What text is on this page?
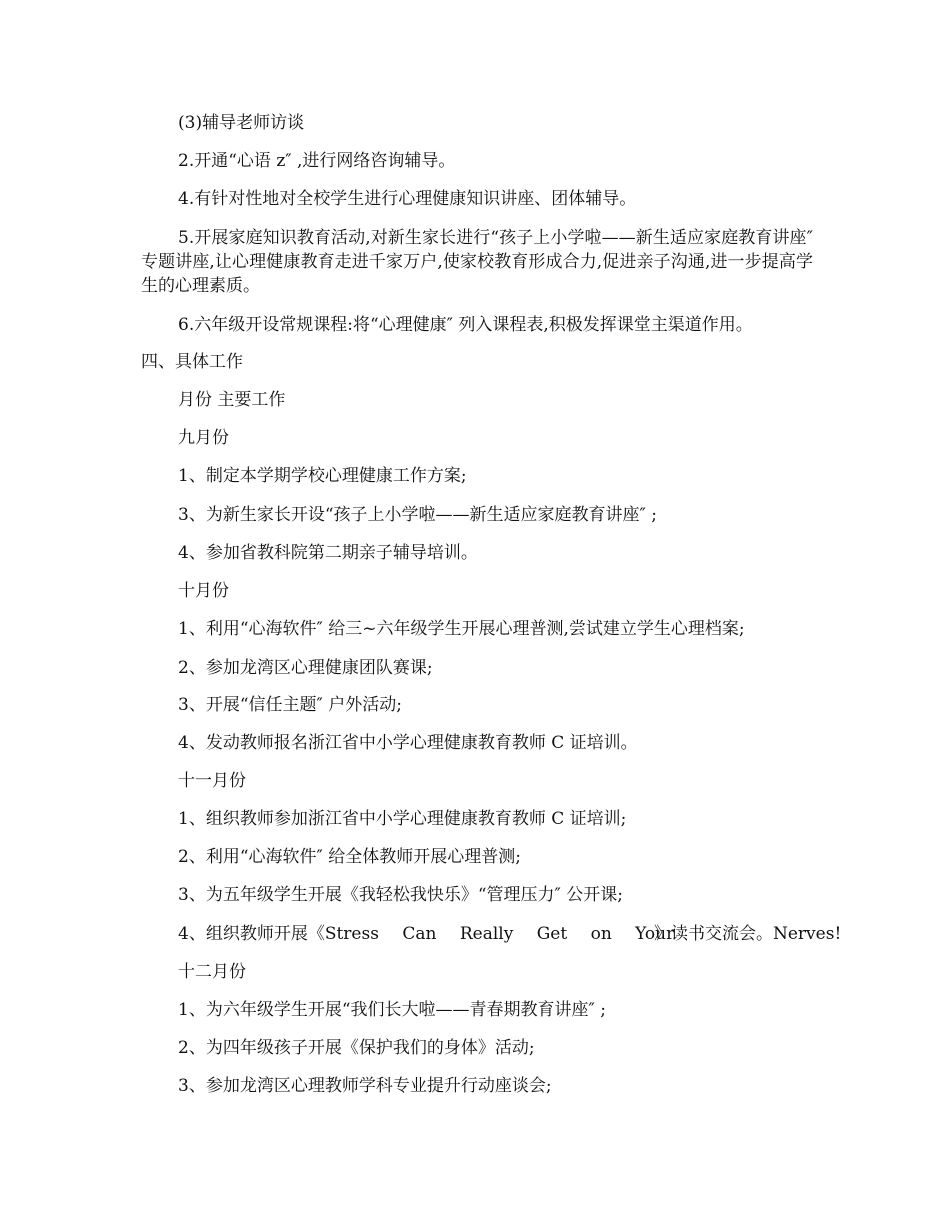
(3)辅导老师访谈
2.开通“心语 z″ ,进行网络咨询辅导。
4.有针对性地对全校学生进行心理健康知识讲座、团体辅导。
5.开展家庭知识教育活动,对新生家长进行“孩子上小学啦——新生适应家庭教育讲座″ 专题讲座,让心理健康教育走进千家万户,使家校教育形成合力,促进亲子沟通,进一步提高学生的心理素质。
6.六年级开设常规课程:将“心理健康″ 列入课程表,积极发挥课堂主渠道作用。
四、具体工作
月份 主要工作
九月份
1、制定本学期学校心理健康工作方案;
3、为新生家长开设“孩子上小学啦——新生适应家庭教育讲座″ ;
4、参加省教科院第二期亲子辅导培训。
十月份
1、利用“心海软件″ 给三~六年级学生开展心理普测,尝试建立学生心理档案;
2、参加龙湾区心理健康团队赛课;
3、开展“信任主题″ 户外活动;
4、发动教师报名浙江省中小学心理健康教育教师 C 证培训。
十一月份
1、组织教师参加浙江省中小学心理健康教育教师 C 证培训;
2、利用“心海软件″ 给全体教师开展心理普测;
3、为五年级学生开展《我轻松我快乐》“管理压力″ 公开课;
4、组织教师开展《Stress Can Really Get on Your》读书交流会。Nerves!
十二月份
1、为六年级学生开展“我们长大啦——青春期教育讲座″ ;
2、为四年级孩子开展《保护我们的身体》活动;
3、参加龙湾区心理教师学科专业提升行动座谈会;
